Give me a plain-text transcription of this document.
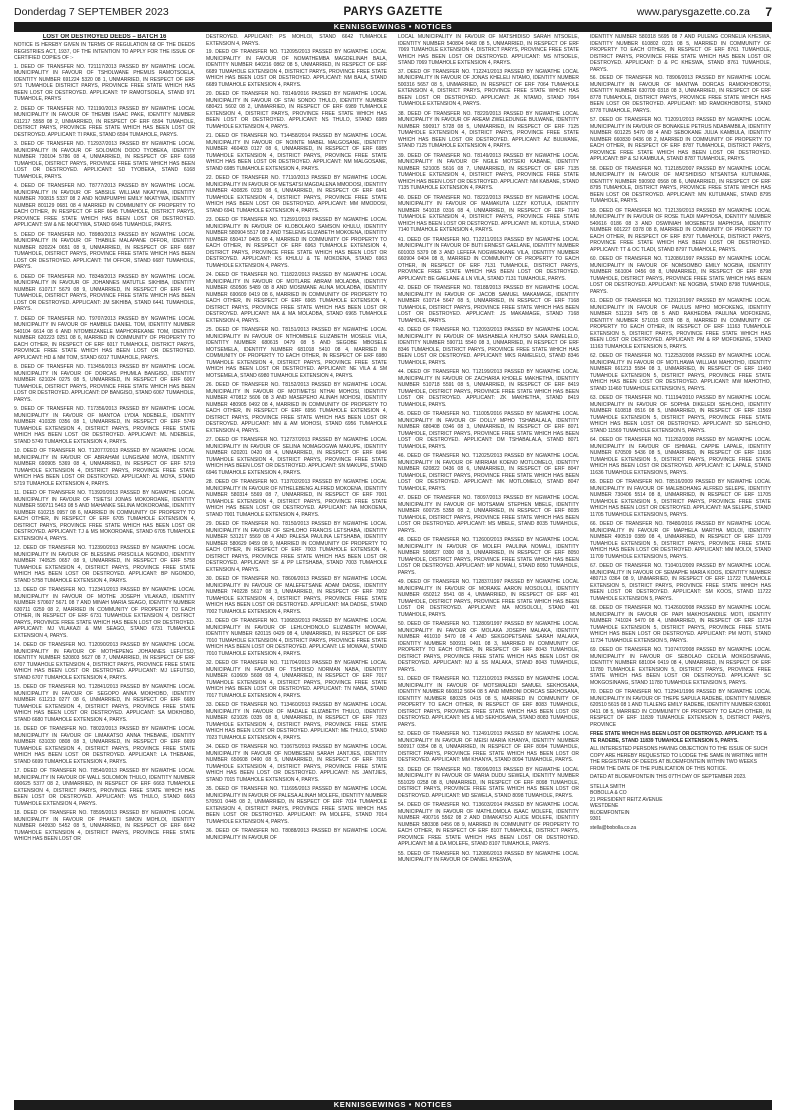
Donderdag 7 SEPTEMBER 2023	PARYS GAZETTE	www.parysgazette.co.za 7
KENNISGEWINGS • NOTICES
LOST OR DESTROYED DEEDS – BATCH 16
NOTICE IS HEREBY GIVEN IN TERMS OF REGULATION 68 OF THE DEEDS REGISTRIES ACT, 1937, OF THE INTENTION TO APPLY FOR THE ISSUE OF CERTIFIED COPIES OF :-
1. DEED OF TRANSFER NO. T21117/2013 PASSED BY NGWATHE LOCAL MUNICIPALITY IN FAVOUR OF TSHOLWANE PHEMUS RAMOTSOELA, IDENTITY NUMBER 691224 5320 08 1, UNMARRIED, IN RESPECT OF ERF 971 TUMAHOLE DISTRICT PARYS, PROVINCE FREE STATE WHICH HAS BEEN LOST OR DESTROYED. APPLICANT: TP RAMOTSOELA, STAND 971 TUMAHOLE, PARYS
2. DEED OF TRANSFER NO. T21190/2013 PASSED BY NGWATHE LOCAL MUNICIPALITY IN FAVOUR OF THEMBI ISAAC PAKE, IDENTITY NUMBER 611217 5558 08 2, UNMARRIED, IN RESPECT OF ERF 6594 TUMAHOLE, DISTRICT PARYS, PROVINCE FREE STATE WHICH HAS BEEN LOST OR DESTROYED. APPLICANT: TI PAKE, STAND 6594 TUMAHOLE, PARYS.
3. DEED OF TRANSFER NO. T12937/2013 PASSED BY NGWATHE LOCAL MUNICIPALITY IN FAVOUR OF SOLOMON DODO TYOBEKA, IDENTITY NUMBER 730104 5786 08 4, UNMARRIED, IN RESPECT OF ERF 6168 TUMAHOLE, DISTRICT PARYS, PROVINCE FREE STATE WHICH HAS BEEN LOST OR DESTROYED. APPLICANT: SD TYOBEKA, STAND 6168 TUMAHOLE, PARYS.
4. DEED OF TRANSFER NO. T8777/2013 PASSED BY NGWATHE LOCAL MUNICIPALITY IN FAVOUR OF SABSILE WILLIAM NKATYWA, IDENTITY NUMBER 700815 5337 08 2 AND NOMPUMPHI EMILY NKATYWA, IDENTITY NUMBER 801129 0681 08 4 MARRIED IN COMMUNITY OF PROPERTY TO EACH OTHER, IN RESPECT OF ERF 6645 TUMAHOLE, DISTRICT PARYS, PROVINCE FREE STATE WHICH HAS BEEN LOST OR DESTROYED. APPLICANT: SW & NE NKATYWA, STAND 6645 TUMAHOLE, PARYS.
5. DEED OF TRANSFER NO. T8980/2013 PASSED BY NGWATHE LOCAL MUNICIPALITY IN FAVOUR OF THABILE MALAPANE OFFOR, IDENTITY NUMBER 820224 0651 08 9, UNMARRIED, IN RESPECT OF ERF 6687 TUMAHOLE, DISTRICT PARYS, PROVINCE FREE STATE WHICH HAS BEEN LOST OR DESTROYED. APPLICANT: TM OFFOR, STAND 6687 TUMAHOLE, PARYS.
6. DEED OF TRANSFER NO. T8348/2013 PASSED BY NGWATHE LOCAL MUNICIPALITY IN FAVOUR OF JOHANNES MATUTLE SIKHIBA, IDENTITY NUMBER 610717 5679 08 9, UNMARRIED, IN RESPECT OF ERF 6441 TUMAHOLE, DISTRICT PARYS, PROVINCE FREE STATE WHICH HAS BEEN LOST OR DESTROYED. APPLICANT: JM SIKHIBA, STAND 6441 TUMAHOLE, PARYS.
7. DEED OF TRANSFER NO. T9707/2013 PASSED BY NGWATHE LOCAL MUNICIPALITY IN FAVOUR OF HAMBILE DANIEL TOM, IDENTITY NUMBER 540104 6614 08 6 AND NTOMBIZANELE MAPHOREKANE TOM, IDENTITY NUMBER 620223 0251 08 6, MARRIED IN COMMUNITY OF PROPERTY TO EACH OTHER, IN RESPECT OF ERF 6017 TUMAHOLE, DISTRICT PARYS, PROVINCE FREE STATE WHICH HAS BEEN LOST OR DESTROYED. APPLICANT: HD & NM TOM, STAND 6017 TUMAHOLE, PARYS.
8. DEED OF TRANSFER NO. T13456/2013 PASSED BY NGWATHE LOCAL MUNICIPALITY IN FAVOUR OF DORCAS PHUMLA BANGISO, IDENTITY NUMBER 621024 0275 08 5, UNMARRIED, IN RESPECT OF ERF 6067 TUMAHOLE, DISTRICT PARYS, PROVINCE FREE STATE WHICH HAS BEEN LOST OR DESTROYED. APPLICANT: DP BANGISO, STAND 6067 TUMAHOLE, PARYS.
9. DEED OF TRANSFER NO. T17356/2013 PASSED BY NGWATHE LOCAL MUNICIPALITY IN FAVOUR OF MANTOA LYDIA NDEBELE, IDENTITY NUMBER 410328 0356 08 1, UNMARRIED, IN RESPECT OF ERF 5749 TUMAHOLE EXTENSION 4, DISTRICT PARYS, PROVINCE FREE STATE WHICH HAS BEEN LOST OR DESTROYED. APPLICANT: ML NDEBELE, STAND 5749 TUMAHOLE EXTENSION 4, PARYS.
10. DEED OF TRANSFER NO. T12077/2013 PASSED BY NGWATHE LOCAL MUNICIPALITY IN FAVOUR OF ABRAHAM LUNGISANI MOYA, IDENTITY NUMBER 690905 5369 08 4, UNMARRIED, IN RESPECT OF ERF 5719 TUMAHOLE EXTENSION 4, DISTRICT PARYS, PROVINCE FREE STATE WHICH HAS BEEN LOST OR DESTROYED. APPLICANT: AL MOYA, STAND 5719 TUMAHOLE EXTENSION 4, PARYS.
11. DEED OF TRANSFER NO. T13920/2013 PASSED BY NGWATHE LOCAL MUNICIPALITY IN FAVOUR OF TSIETSI JONAS MOKOROANE, IDENTITY NUMBER 590711 5463 08 5 AND MAHANKE SELINA MOKOROANE, IDENTITY NUMBER 610215 0957 08 6, MARRIED IN COMMUNITY OF PROPERTY TO EACH OTHER, IN RESPECT OF ERF 6705 TUMAHOLE EXTENSION 4, DISTRICT PARYS, PROVINCE FREE STATE WHICH HAS BEEN LOST OR DESTROYED. APPLICANT: TJ & MS MOKOROANE, STAND 6705 TUMAHOLE EXTENSION 4, PARYS.
12. DEED OF TRANSFER NO. T12390/2013 PASSED BY NGWATHE LOCAL MUNICIPALITY IN FAVOUR OF BLESSING PRISCILLA NGONDO, IDENTITY NUMBER 740525 0657 08 9, UNMARRIED, IN RESPECT OF ERF 5758 TUMAHOLE EXTENSION 4, DISTRICT PARYS, PROVINCE FREE STATE WHICH HAS BEEN LOST OR DESTROYED. APPLICANT: BP NGONDO, STAND 5758 TUMAHOLE EXTENSION 4, PARYS.
13. DEED OF TRANSFER NO. T12341/2013 PASSED BY NGWATHE LOCAL MUNICIPALITY IN FAVOUR OF MOTHE JOSEPH VILAKAZI, IDENTITY NUMBER 570607 5671 08 7 AND MINAH MARIA SEAGO, IDENTITY NUMBER 630711 0259 08 2, MARRIED IN COMMUNITY OF PROPERTY TO EACH OTHER, IN RESPECT OF ERF 6731 TUMAHOLE EXTENSION 4, DISTRICT PARYS, PROVINCE FREE STATE WHICH HAS BEEN LOST OR DESTROYED. APPLICANT: MJ VILAKAZI & MM SEAGO, STAND 6731 TUMAHOLE EXTENSION 4, PARYS.
14. DEED OF TRANSFER NO. T12090/2013 PASSED BY NGWATHE LOCAL MUNICIPALITY IN FAVOUR OF MOTHEPENG JOHANNES LEFUTSO, IDENTITY NUMBER 520803 5627 08 7, UNMARRIED, IN RESPECT OF ERF 6707 TUMAHOLE EXTENSION 4, DISTRICT PARYS, PROVINCE FREE STATE WHICH HAS BEEN LOST OR DESTROYED. APPLICANT: MJ LEFUTSO, STAND 6707 TUMAHOLE EXTENSION 4, PARYS.
15. DEED OF TRANSFER NO. T12841/2013 PASSED BY NGWATHE LOCAL MUNICIPALITY IN FAVOUR OF SEGOPO ANNA MOKHOBO, IDENTITY NUMBER 611213 0277 08 6, UNMARRIED, IN RESPECT OF ERF 6680 TUMAHOLE EXTENSION 4, DISTRICT PARYS, PROVINCE FREE STATE WHICH HAS BEEN LOST OR DESTROYED. APPLICANT: SA MOKHOBO, STAND 6680 TUMAHOLE EXTENSION 4, PARYS.
16. DEED OF TRANSFER NO. T8022/2013 PASSED BY NGWATHE LOCAL MUNICIPALITY IN FAVOUR OF LIMAKATSO ANNA THEBANE, IDENTITY NUMBER 631030 0808 08 3, UNMARRIED, IN RESPECT OF ERF 6699 TUMAHOLE EXTENSION 4, DISTRICT PARYS, PROVINCE FREE STATE WHICH HAS BEEN LOST OR DESTROYED. APPLICANT: LA THEBANE, STAND 6699 TUMAHOLE EXTENSION 4, PARYS.
17. DEED OF TRANSFER NO. T8540/2013 PASSED BY NGWATHE LOCAL MUNICIPALITY IN FAVOUR OF WALL SOLOMON THULO, IDENTITY NUMBER 690625 5377 08 2, UNMARRIED, IN RESPECT OF ERF 6663 TUMAHOLE EXTENSION 4, DISTRICT PARYS, PROVINCE FREE STATE WHICH HAS BEEN LOST OR DESTROYED. APPLICANT: WS THULO, STAND 6663 TUMAHOLE EXTENSION 4, PARYS.
18. DEED OF TRANSFER NO. T8595/2013 PASSED BY NGWATHE LOCAL MUNICIPALITY IN FAVOUR OF PHAKETI SIMON MOHLOI, IDENTITY NUMBER 640930 5452 08 5, UNMARRIED, IN RESPECT OF ERF 6642 TUMAHOLE EXTENSION 4, DISTRICT PARYS, PROVINCE FREE STATE WHICH HAS BEEN LOST OR
DESTROYED. APPLICANT: PS MOHLOI, STAND 6642 TUMAHOLE EXTENSION 4, PARYS.
19. DEED OF TRANSFER NO. T12095/2013 PASSED BY NGWATHE LOCAL MUNICIPALITY IN FAVOUR OF NOMATHEMBA MAGDELINAH BALA, IDENTITY NUMBER 640216 0862 08 5, UNMARRIED, IN RESPECT OF ERF 6689 TUMAHOLE EXTENSION 4, DISTRICT PARYS, PROVINCE FREE STATE WHICH HAS BEEN LOST OR DESTROYED. APPLICANT: NM BALA, STAND 6689 TUMAHOLE EXTENSION 4, PARYS.
20. DEED OF TRANSFER NO. T8149/2016 PASSED BY NGWATHE LOCAL MUNICIPALITY IN FAVOUR OF STAI SONDO THULO, IDENTITY NUMBER 680421 5602 08 2, UNMARRIED, IN RESPECT OF ERF 6989 TUMAHOLE EXTENSION 4, DISTRICT PARYS, PROVINCE FREE STATE WHICH HAS BEEN LOST OR DESTROYED. APPLICANT: NS THULO, STAND 6989 TUMAHOLE EXTENSION 4, PARYS.
21. DEED OF TRANSFER NO. T14458/2014 PASSED BY NGWATHE LOCAL MUNICIPALITY IN FAVOUR OF NOINTE MABEL MALGOSANE, IDENTITY NUMBER 460403 0127 08 6, UNMARRIED, IN RESPECT OF ERF 6985 TUMAHOLE EXTENSION 4, DISTRICT PARYS, PROVINCE FREE STATE WHICH HAS BEEN LOST OR DESTROYED. APPLICANT: NM MALGOSANE, STAND 6985 TUMAHOLE EXTENSION 4, PARYS.
22. DEED OF TRANSFER NO. T7110/2013 PASSED BY NGWATHE LOCAL MUNICIPALITY IN FAVOUR OF METSATSI MAGDALENA MMODOSI, IDENTITY NUMBER 430826 0233 08 6, UNMARRIED, IN RESPECT OF ERF 6941 TUMAHOLE EXTENSION 4, DISTRICT PARYS, PROVINCE FREE STATE WHICH HAS BEEN LOST OR DESTROYED. APPLICANT: MM MMODOSI, STAND 6941 TUMAHOLE EXTENSION 4, PARYS.
23. DEED OF TRANSFER NO. T12591/2013 PASSED BY NGWATHE LOCAL MUNICIPALITY IN FAVOUR OF KLOBOLAKO SAMSON KHULU, IDENTITY NUMBER 580904 5517 08 2 AND TSELENG ELIZABETH MOKOENA, IDENTITY NUMBER 650417 0405 08 4, MARRIED IN COMMUNITY OF PROPERTY TO EACH OTHER, IN RESPECT OF ERF 6963 TUMAHOLE EXTENSION 4, DISTRICT PARYS, PROVINCE FREE STATE WHICH HAS BEEN LOST OR DESTROYED. APPLICANT: KS KHULU & TE MOKOENA, STAND 6963 TUMAHOLE EXTENSION 4, PARYS.
24. DEED OF TRANSFER NO. T11822/2013 PASSED BY NGWATHE LOCAL MUNICIPALITY IN FAVOUR OF MOTLARE ABRAM MOLADBA, IDENTITY NUMBER 650506 5489 08 8 AND MOSIMANE ALINA MOLADBA, IDENTITY NUMBER 690609 0419 08 6, MARRIED IN COMMUNITY OF PROPERTY TO EACH OTHER, IN RESPECT OF ERF 6965 TUMAHOLE EXTENSION 4, DISTRICT PARYS, PROVINCE FREE STATE WHICH HAS BEEN LOST OR DESTROYED. APPLICANT: MA & MA MOLADBA, STAND 6965 TUMAHOLE EXTENSION 4, PARYS.
25. DEED OF TRANSFER NO. T8151/2013 PASSED BY NGWATHE LOCAL MUNICIPALITY IN FAVOUR OF NTHOMBELE ELIZABETH MOSELE VILA, IDENTITY NUMBER 680615 0479 08 5 AND SEGOBE MBOSELE MOTSEMELA, IDENTITY NUMBER 681018 5410 08 4, MARRIED IN COMMUNITY OF PROPERTY TO EACH OTHER, IN RESPECT OF ERF 6980 TUMAHOLE EXTENSION 4, DISTRICT PARYS, PROVINCE FREE STATE WHICH HAS BEEN LOST OR DESTROYED. APPLICANT: NE VILA & SM MOTSEMELA, STAND 6980 TUMAHOLE EXTENSION 4, PARYS.
26. DEED OF TRANSFER NO. T8152/2013 PASSED BY NGWATHE LOCAL MUNICIPALITY IN FAVOUR OF MOTIMETSI NTHAI MOHOSI, IDENTITY NUMBER 470812 5606 08 3 AND MASEPEHO ALINAH MOHOSI, IDENTITY NUMBER 480905 0492 08 4, MARRIED IN COMMUNITY OF PROPERTY TO EACH OTHER, IN RESPECT OF ERF 6956 TUMAHOLE EXTENSION 4, DISTRICT PARYS, PROVINCE FREE STATE WHICH HAS BEEN LOST OR DESTROYED. APPLICANT: MN & AM MOHOSI, STAND 6956 TUMAHOLE EXTENSION 4, PARYS.
27. DEED OF TRANSFER NO. T12737/2013 PASSED BY NGWATHE LOCAL MUNICIPALITY IN FAVOUR OF SELINA NOMAGOGWA MAKUPE, IDENTITY NUMBER 620201 0420 08 4, UNMARRIED, IN RESPECT OF ERF 6946 TUMAHOLE EXTENSION 4, DISTRICT PARYS, PROVINCE FREE STATE WHICH HAS BEEN LOST OR DESTROYED. APPLICANT: SN MAKUPE, STAND 6946 TUMAHOLE EXTENSION 4, PARYS.
28. DEED OF TRANSFER NO. T13702/2013 PASSED BY NGWATHE LOCAL MUNICIPALITY IN FAVOUR OF NTHELEBENG ALFRED MOKOENA, IDENTITY NUMBER 580314 5569 08 7, UNMARRIED, IN RESPECT OF ERF 7001 TUMAHOLE EXTENSION 4, DISTRICT PARYS, PROVINCE FREE STATE WHICH HAS BEEN LOST OR DESTROYED. APPLICANT: NA MOKOENA, STAND 7001 TUMAHOLE EXTENSION 4, PARYS.
29. DEED OF TRANSFER NO. T8150/2013 PASSED BY NGWATHE LOCAL MUNICIPALITY IN FAVOUR OF SEHLOHO FRANCIS LETSHABA, IDENTITY NUMBER 531217 5569 08 4 AND PALESA PAULINA LETSHABA, IDENTITY NUMBER 580629 0459 08 9, MARRIED IN COMMUNITY OF PROPERTY TO EACH OTHER, IN RESPECT OF ERF 7003 TUMAHOLE EXTENSION 4, DISTRICT PARYS, PROVINCE FREE STATE WHICH HAS BEEN LOST OR DESTROYED. APPLICANT: SF & PP LETSHABA, STAND 7003 TUMAHOLE EXTENSION 4, PARYS.
30. DEED OF TRANSFER NO. T8606/2013 PASSED BY NGWATHE LOCAL MUNICIPALITY IN FAVOUR OF MALEFETSANE ADAM DADSE, IDENTITY NUMBER 740228 5617 08 3, UNMARRIED, IN RESPECT OF ERF 7002 TUMAHOLE EXTENSION 4, DISTRICT PARYS, PROVINCE FREE STATE WHICH HAS BEEN LOST OR DESTROYED. APPLICANT: MA DADSE, STAND 7002 TUMAHOLE EXTENSION 4, PARYS.
31. DEED OF TRANSFER NO. T10683/2013 PASSED BY NGWATHE LOCAL MUNICIPALITY IN FAVOUR OF LEHLOHONOLO ELIZABETH MOWAAI, IDENTITY NUMBER 620115 0429 08 4, UNMARRIED, IN RESPECT OF ERF 7010 TUMAHOLE EXTENSION 4, DISTRICT PARYS, PROVINCE FREE STATE WHICH HAS BEEN LOST OR DESTROYED. APPLICANT: LE MOWAAI, STAND 7010 TUMAHOLE EXTENSION 4, PARYS.
32. DEED OF TRANSFER NO. T11704/2013 PASSED BY NGWATHE LOCAL MUNICIPALITY IN FAVOUR OF TSHIDISO NORMAN NABA, IDENTITY NUMBER 610609 5608 08 4, UNMARRIED, IN RESPECT OF ERF 7017 TUMAHOLE EXTENSION 4, DISTRICT PARYS, PROVINCE FREE STATE WHICH HAS BEEN LOST OR DESTROYED. APPLICANT: TN NABA, STAND 7017 TUMAHOLE EXTENSION 4, PARYS.
33. DEED OF TRANSFER NO. T13460/2013 PASSED BY NGWATHE LOCAL MUNICIPALITY IN FAVOUR OF MADALE ELIZABETH THULO, IDENTITY NUMBER 621026 0335 08 8, UNMARRIED, IN RESPECT OF ERF 7023 TUMAHOLE EXTENSION 4, DISTRICT PARYS, PROVINCE FREE STATE WHICH HAS BEEN LOST OR DESTROYED. APPLICANT: ME THULO, STAND 7023 TUMAHOLE EXTENSION 4, PARYS.
34. DEED OF TRANSFER NO. T10675/2013 PASSED BY NGWATHE LOCAL MUNICIPALITY IN FAVOUR OF NOMBESENI SARAH JANTJIES, IDENTITY NUMBER 650608 0490 08 5, UNMARRIED, IN RESPECT OF ERF 7015 TUMAHOLE EXTENSION 4, DISTRICT PARYS, PROVINCE FREE STATE WHICH HAS BEEN LOST OR DESTROYED. APPLICANT: NS JANTJIES, STAND 7015 TUMAHOLE EXTENSION 4, PARYS.
35. DEED OF TRANSFER NO. T11695/2013 PASSED BY NGWATHE LOCAL MUNICIPALITY IN FAVOUR OF PALESA ALINAH MOLEFE, IDENTITY NUMBER 570501 0445 08 2, UNMARRIED, IN RESPECT OF ERF 7014 TUMAHOLE EXTENSION 4, DISTRICT PARYS, PROVINCE FREE STATE WHICH HAS BEEN LOST OR DESTROYED. APPLICANT: PA MOLEFE, STAND 7014 TUMAHOLE EXTENSION 4, PARYS.
36. DEED OF TRANSFER NO. T8088/2013 PASSED BY NGWATHE LOCAL MUNICIPALITY IN FAVOUR OF
LOCAL MUNICIPALITY IN FAVOUR OF MATSHIDISO SARAH NTSOELE, IDENTITY NUMBER 540804 0468 08 5, UNMARRIED, IN RESPECT OF ERF 7069 TUMAHOLE EXTENSION 4, DISTRICT PARYS, PROVINCE FREE STATE WHICH HAS BEEN LOST OR DESTROYED. APPLICANT: MS NTSOELE, STAND 7069 TUMAHOLE EXTENSION 4, PARYS.
37. DEED OF TRANSFER NO. T12241/2013 PASSED BY NGWATHE LOCAL MUNICIPALITY IN FAVOUR OF JONAS KHELELI NTAMO, IDENTITY NUMBER 500316 5657 08 5, UNMARRIED, IN RESPECT OF ERF 7064 TUMAHOLE EXTENSION 4, DISTRICT PARYS, PROVINCE FREE STATE WHICH HAS BEEN LOST OR DESTROYED. APPLICANT: JK NTAMO, STAND 7064 TUMAHOLE EXTENSION 4, PARYS.
38. DEED OF TRANSFER NO. T8220/2013 PASSED BY NGWATHE LOCAL MUNICIPALITY IN FAVOUR OF AREAM ZWELEDUNGE BULWANE, IDENTITY NUMBER 590917 5728 08 5, UNMARRIED, IN RESPECT OF ERF 7125 TUMAHOLE EXTENSION 4, DISTRICT PARYS, PROVINCE FREE STATE WHICH HAS BEEN LOST OR DESTROYED. APPLICANT: AZ BULWANE, STAND 7125 TUMAHOLE EXTENSION 4, PARYS.
39. DEED OF TRANSFER NO. T8149/2013 PASSED BY NGWATHE LOCAL MUNICIPALITY IN FAVOUR OF NGILE MOTSEKI KABANE, IDENTITY NUMBER 521005 5616 08 7, UNMARRIED, IN RESPECT OF ERF 7135 TUMAHOLE EXTENSION 4, DISTRICT PARYS, PROVINCE FREE STATE WHICH HAS BEEN LOST OR DESTROYED. APPLICANT: NM KABANE, STAND 7135 TUMAHOLE EXTENSION 4, PARYS.
40. DEED OF TRANSFER NO. T8222/2013 PASSED BY NGWATHE LOCAL MUNICIPALITY IN FAVOUR OF MAMAKUTA LIZZY KOTULA, IDENTITY NUMBER 541018 0316 08 4, UNMARRIED, IN RESPECT OF ERF 7140 TUMAHOLE EXTENSION 4, DISTRICT PARYS, PROVINCE FREE STATE WHICH HAS BEEN LOST OR DESTROYED. APPLICANT: ML KOTULA, STAND 7140 TUMAHOLE EXTENSION 4, PARYS.
41. DEED OF TRANSFER NO. T12211/2013 PASSED BY NGWATHE LOCAL MUNICIPALITY IN FAVOUR OF BUTI ERNEST GAELANE, IDENTITY NUMBER 601003 5379 08 3 AND LEFEFA NOGWENKANE VILA, IDENTITY NUMBER 660904 0404 08 8, MARRIED IN COMMUNITY OF PROPERTY TO EACH OTHER, IN RESPECT OF ERF 7131 TUMAHOLE, DISTRICT PARYS, PROVINCE FREE STATE WHICH HAS BEEN LOST OR DESTROYED. APPLICANT: BE GAELANE & LN VILA, STAND 7131 TUMAHOLE, PARYS.
42. DEED OF TRANSFER NO. T8188/2013 PASSED BY NGWATHE LOCAL MUNICIPALITY IN FAVOUR OF JACOB SAMUEL MAKAMAGE, IDENTITY NUMBER 610714 5647 08 5, UNMARRIED, IN RESPECT OF ERF 7168 TUMAHOLE, DISTRICT PARYS, PROVINCE FREE STATE WHICH HAS BEEN LOST OR DESTROYED. APPLICANT: JS MAKAMAGE, STAND 7168 TUMAHOLE, PARYS.
43. DEED OF TRANSFER NO. T12093/2013 PASSED BY NGWATHE LOCAL MUNICIPALITY IN FAVOUR OF MASHABELA KHUTSO SANA RAMELELO, IDENTITY NUMBER 590711 5540 08 3, UNMARRIED, IN RESPECT OF ERF 8346 TUMAHOLE, DISTRICT PARYS, PROVINCE FREE STATE WHICH HAS BEEN LOST OR DESTROYED. APPLICANT: MKS RAMELELO, STAND 8346 TUMAHOLE, PARYS.
44. DEED OF TRANSFER NO. T12199/2013 PASSED BY NGWATHE LOCAL MUNICIPALITY IN FAVOUR OF ZACHARIA KHOELE MAKHETHA, IDENTITY NUMBER 510718 5591 08 5, UNMARRIED, IN RESPECT OF ERF 8419 TUMAHOLE, DISTRICT PARYS, PROVINCE FREE STATE WHICH HAS BEEN LOST OR DESTROYED. APPLICANT: ZK MAKHETHA, STAND 8419 TUMAHOLE, PARYS.
45. DEED OF TRANSFER NO. T11005/2016 PASSED BY NGWATHE LOCAL MUNICIPALITY IN FAVOUR OF DOLLY MPHO TSHABALALA, IDENTITY NUMBER 680408 0346 08 3, UNMARRIED, IN RESPECT OF ERF 8071 TUMAHOLE, DISTRICT PARYS, PROVINCE FREE STATE WHICH HAS BEEN LOST OR DESTROYED. APPLICANT: DM TSHABALALA, STAND 8071 TUMAHOLE, PARYS.
46. DEED OF TRANSFER NO. T12025/2013 PASSED BY NGWATHE LOCAL MUNICIPALITY IN FAVOUR OF MIRRIAM KOENO MOTLOMELO, IDENTITY NUMBER 620822 0436 08 6, UNMARRIED, IN RESPECT OF ERF 8047 TUMAHOLE, DISTRICT PARYS, PROVINCE FREE STATE WHICH HAS BEEN LOST OR DESTROYED. APPLICANT: MK MOTLOMELO, STAND 8047 TUMAHOLE, PARYS.
47. DEED OF TRANSFER NO. T8097/2013 PASSED BY NGWATHE LOCAL MUNICIPALITY IN FAVOUR OF MOTSAMAI STEPHEN MBELE, IDENTITY NUMBER 600725 5358 08 2, UNMARRIED, IN RESPECT OF ERF 8035 TUMAHOLE, DISTRICT PARYS, PROVINCE FREE STATE WHICH HAS BEEN LOST OR DESTROYED. APPLICANT: MS MBELE, STAND 8035 TUMAHOLE, PARYS.
48. DEED OF TRANSFER NO. T12600/2013 PASSED BY NGWATHE LOCAL MUNICIPALITY IN FAVOUR OF MOLEFI PAULINA NOMALI, IDENTITY NUMBER 590827 0300 08 3, UNMARRIED, IN RESPECT OF ERF 8050 TUMAHOLE, DISTRICT PARYS, PROVINCE FREE STATE WHICH HAS BEEN LOST OR DESTROYED. APPLICANT: MP NOMALI, STAND 8050 TUMAHOLE, PARYS.
49. DEED OF TRANSFER NO. T12837/1997 PASSED BY NGWATHE LOCAL MUNICIPALITY IN FAVOUR OF MORAKE AARON MOSOLOLI, IDENTITY NUMBER 650212 5541 08 4, UNMARRIED, IN RESPECT OF ERF 401 TUMAHOLE, DISTRICT PARYS, PROVINCE FREE STATE WHICH HAS BEEN LOST OR DESTROYED. APPLICANT: MA MOSOLOLI, STAND 401 TUMAHOLE, PARYS.
50. DEED OF TRANSFER NO. T12809/1997 PASSED BY NGWATHE LOCAL MUNICIPALITY IN FAVOUR OF MOLAKA JOSEPH MALAKA, IDENTITY NUMBER 461010 5470 08 4 AND SEKGOPETSANE SARAH MALAKA, IDENTITY NUMBER 500911 0401 08 3, MARRIED IN COMMUNITY OF PROPERTY TO EACH OTHER, IN RESPECT OF ERF 8043 TUMAHOLE, DISTRICT PARYS, PROVINCE FREE STATE WHICH HAS BEEN LOST OR DESTROYED. APPLICANT: MJ & SS MALAKA, STAND 8043 TUMAHOLE, PARYS.
51. DEED OF TRANSFER NO. T12210/2013 PASSED BY NGWATHE LOCAL MUNICIPALITY IN FAVOUR OF MOTSWALEDI SAMUEL SEKHOSANA, IDENTITY NUMBER 660812 5604 08 5 AND MMBONI DORCAS SEKHOSANA, IDENTITY NUMBER 680325 0415 08 5, MARRIED IN COMMUNITY OF PROPERTY TO EACH OTHER, IN RESPECT OF ERF 8083 TUMAHOLE, DISTRICT PARYS, PROVINCE FREE STATE WHICH HAS BEEN LOST OR DESTROYED. APPLICANT: MS & MD SEKHOSANA, STAND 8083 TUMAHOLE, PARYS.
52. DEED OF TRANSFER NO. T12491/2013 PASSED BY NGWATHE LOCAL MUNICIPALITY IN FAVOUR OF MEISI MARIA KHANYA, IDENTITY NUMBER 500917 0354 08 8, UNMARRIED, IN RESPECT OF ERF 8094 TUMAHOLE, DISTRICT PARYS, PROVINCE FREE STATE WHICH HAS BEEN LOST OR DESTROYED. APPLICANT: MM KHANYA, STAND 8094 TUMAHOLE, PARYS.
53. DEED OF TRANSFER NO. T8096/2013 PASSED BY NGWATHE LOCAL MUNICIPALITY IN FAVOUR OF MARIA DUDU SEWELA, IDENTITY NUMBER 551029 0258 08 8, UNMARRIED, IN RESPECT OF ERF 8098 TUMAHOLE, DISTRICT PARYS, PROVINCE FREE STATE WHICH HAS BEEN LOST OR DESTROYED. APPLICANT: MD SEWELA, STAND 8098 TUMAHOLE, PARYS.
54. DEED OF TRANSFER NO. T13603/2014 PASSED BY NGWATHE LOCAL MUNICIPALITY IN FAVOUR OF MATHLOMOLA ISAAC MOLEFE, IDENTITY NUMBER 490716 5562 08 2 AND DIMAKATSO ALICE MOLEFE, IDENTITY NUMBER 580308 0456 08 9, MARRIED IN COMMUNITY OF PROPERTY TO EACH OTHER, IN RESPECT OF ERF 8107 TUMAHOLE, DISTRICT PARYS, PROVINCE FREE STATE WHICH HAS BEEN LOST OR DESTROYED. APPLICANT: MI & DA MOLEFE, STAND 8107 TUMAHOLE, PARYS.
55. DEED OF TRANSFER NO. T12086/2013 PASSED BY NGWATHE LOCAL MUNICIPALITY IN FAVOUR OF DANIEL KHESWA,
IDENTITY NUMBER 580318 5695 08 7 AND PULENG CORNELIA KHESWA, IDENTITY NUMBER 610802 0221 08 5, MARRIED IN COMMUNITY OF PROPERTY TO EACH OTHER, IN RESPECT OF ERF 8761 TUMAHOLE, DISTRICT PARYS, PROVINCE FREE STATE WHICH HAS BEEN LOST OR DESTROYED. APPLICANT: D & PC KHESWA, STAND 8761 TUMAHOLE, PARYS.
56. DEED OF TRANSFER NO. T8906/2013 PASSED BY NGWATHE LOCAL MUNICIPALITY IN FAVOUR OF MANTWA DORCAS RAMOKHOBOTSI, IDENTITY NUMBER 630709 0318 08 3, UNMARRIED, IN RESPECT OF ERF 8778 TUMAHOLE, DISTRICT PARYS, PROVINCE FREE STATE WHICH HAS BEEN LOST OR DESTROYED. APPLICANT: MD RAMOKHOBOTSI, STAND 8778 TUMAHOLE, PARYS.
57. DEED OF TRANSFER NO. T12091/2013 PASSED BY NGWATHE LOCAL MUNICIPALITY IN FAVOUR OF BONAKELE PETRUS NDABAMBILA, IDENTITY NUMBER 601225 5470 08 4 AND SEBOKANE JULIA KAMBULA, IDENTITY NUMBER 660830 0436 08 2, MARRIED IN COMMUNITY OF PROPERTY TO EACH OTHER, IN RESPECT OF ERF 8787 TUMAHOLE, DISTRICT PARYS, PROVINCE FREE STATE WHICH HAS BEEN LOST OR DESTROYED. APPLICANT: BP & SJ KAMBULA, STAND 8787 TUMAHOLE, PARYS.
58. DEED OF TRANSFER NO. T12185/2007 PASSED BY NGWATHE LOCAL MUNICIPALITY IN FAVOUR OF MATSHIDISO NTSANTSA KUTUMANE, IDENTITY NUMBER 590902 0568 08 6, UNMARRIED, IN RESPECT OF ERF 8795 TUMAHOLE, DISTRICT PARYS, PROVINCE FREE STATE WHICH HAS BEEN LOST OR DESTROYED. APPLICANT: MN KUTUMANE, STAND 8795 TUMAHOLE, PARYS.
59. DEED OF TRANSFER NO. T12139/2013 PASSED BY NGWATHE LOCAL MUNICIPALITY IN FAVOUR OF ROSE TLADI MAPHOSA, IDENTITY NUMBER 540616 0186 08 3 AND OSWINIAH MOSEBETSI MAPHOSA, IDENTITY NUMBER 601227 0378 08 8, MARRIED IN COMMUNITY OF PROPERTY TO EACH OTHER, IN RESPECT OF ERF 8797 TUMAHOLE, DISTRICT PARYS, PROVINCE FREE STATE WHICH HAS BEEN LOST OR DESTROYED. APPLICANT: TT & OC TLADI, STAND 8797 TUMAHOLE, PARYS.
60. DEED OF TRANSFER NO. T12086/1997 PASSED BY NGWATHE LOCAL MUNICIPALITY IN FAVOUR OF NOMSOMBO EMILY NOGBIA, IDENTITY NUMBER 561004 0456 08 8, UNMARRIED, IN RESPECT OF ERF 8798 TUMAHOLE, DISTRICT PARYS, PROVINCE FREE STATE WHICH HAS BEEN LOST OR DESTROYED. APPLICANT: NE NOGBIA, STAND 8798 TUMAHOLE, PARYS.
61. DEED OF TRANSFER NO. T12912/1997 PASSED BY NGWATHE LOCAL MUNICIPALITY IN FAVOUR OF PAULUS MPHO MOFOKENG, IDENTITY NUMBER 511219 5475 08 5 AND RAKHEOBA PAULINA MOFOKENG, IDENTITY NUMBER 571015 0378 08 8, MARRIED IN COMMUNITY OF PROPERTY TO EACH OTHER, IN RESPECT OF ERF 11163 TUMAHOLE EXTENSION 5, DISTRICT PARYS, PROVINCE FREE STATE WHICH HAS BEEN LOST OR DESTROYED. APPLICANT: PM & RP MOFOKENG, STAND 11163 TUMAHOLE EXTENSION 5, PARYS.
62. DEED OF TRANSFER NO. T12253/2008 PASSED BY NGWATHE LOCAL MUNICIPALITY IN FAVOUR OF MOTLHAWA WILLIAM MAHOTHO, IDENTITY NUMBER 661213 5584 08 3, UNMARRIED, IN RESPECT OF ERF 11460 TUMAHOLE EXTENSION 5, DISTRICT PARYS, PROVINCE FREE STATE WHICH HAS BEEN LOST OR DESTROYED. APPLICANT: MW MAHOTHO, STAND 11460 TUMAHOLE EXTENSION 5, PARYS.
63. DEED OF TRANSFER NO. T11194/2010 PASSED BY NGWATHE LOCAL MUNICIPALITY IN FAVOUR OF SOPHIA DIKELEDI SEHLOHO, IDENTITY NUMBER 610818 0516 08 5, UNMARRIED, IN RESPECT OF ERF 11569 TUMAHOLE EXTENSION 5, DISTRICT PARYS, PROVINCE FREE STATE WHICH HAS BEEN LOST OR DESTROYED. APPLICANT: SD SEHLOHO, STAND 11569 TUMAHOLE EXTENSION 5, PARYS.
64. DEED OF TRANSFER NO. T11262/2008 PASSED BY NGWATHE LOCAL MUNICIPALITY IN FAVOUR OF ISHMAEL CAPPIE LAPALE, IDENTITY NUMBER 670509 5436 08 5, UNMARRIED, IN RESPECT OF ERF 11636 TUMAHOLE EXTENSION 5, DISTRICT PARYS, PROVINCE FREE STATE WHICH HAS BEEN LOST OR DESTROYED. APPLICANT: IC LAPALE, STAND 11636 TUMAHOLE EXTENSION 5, PARYS.
65. DEED OF TRANSFER NO. T8516/2009 PASSED BY NGWATHE LOCAL MUNICIPALITY IN FAVOUR OF MALEBOHANG ALFRED SELEPE, IDENTITY NUMBER 730406 5514 08 8, UNMARRIED, IN RESPECT OF ERF 11705 TUMAHOLE EXTENSION 5, DISTRICT PARYS, PROVINCE FREE STATE WHICH HAS BEEN LOST OR DESTROYED. APPLICANT: MA SELEPE, STAND 11705 TUMAHOLE EXTENSION 5, PARYS.
66. DEED OF TRANSFER NO. T8480/2016 PASSED BY NGWATHE LOCAL MUNICIPALITY IN FAVOUR OF MAPHELA MARTHA MOLOI, IDENTITY NUMBER 490519 0389 08 4, UNMARRIED, IN RESPECT OF ERF 11709 TUMAHOLE EXTENSION 5, DISTRICT PARYS, PROVINCE FREE STATE WHICH HAS BEEN LOST OR DESTROYED. APPLICANT: MM MOLOI, STAND 11709 TUMAHOLE EXTENSION 5, PARYS.
67. DEED OF TRANSFER NO. T10401/2009 PASSED BY NGWATHE LOCAL MUNICIPALITY IN FAVOUR OF SEMAPHE MARIA KOOS, IDENTITY NUMBER 480713 0364 08 9, UNMARRIED, IN RESPECT OF ERF 11722 TUMAHOLE EXTENSION 5, DISTRICT PARYS, PROVINCE FREE STATE WHICH HAS BEEN LOST OR DESTROYED. APPLICANT: SM KOOS, STAND 11722 TUMAHOLE EXTENSION 5, PARYS.
68. DEED OF TRANSFER NO. T14260/2008 PASSED BY NGWATHE LOCAL MUNICIPALITY IN FAVOUR OF PAPI MAKHOSANDILE MOTI, IDENTITY NUMBER 741024 5470 08 4, UNMARRIED, IN RESPECT OF ERF 11734 TUMAHOLE EXTENSION 5, DISTRICT PARYS, PROVINCE FREE STATE WHICH HAS BEEN LOST OR DESTROYED. APPLICANT: PM MOTI, STAND 11734 TUMAHOLE EXTENSION 5, PARYS.
69. DEED OF TRANSFER NO. T10747/2008 PASSED BY NGWATHE LOCAL MUNICIPALITY IN FAVOUR OF SEBOLAO CECILIA MOKGOSINANG, IDENTITY NUMBER 681004 0419 08 4, UNMARRIED, IN RESPECT OF ERF 11780 TUMAHOLE EXTENSION 5, DISTRICT PARYS, PROVINCE FREE STATE WHICH HAS BEEN LOST OR DESTROYED. APPLICANT: SC MOKGOSINANG, STAND 11780 TUMAHOLE EXTENSION 5, PARYS.
70. DEED OF TRANSFER NO. T12941/1996 PASSED BY NGWATHE LOCAL MUNICIPALITY IN FAVOUR OF THEPE SAPULA RADEBE, IDENTITY NUMBER 620510 5615 08 1 AND TLALENG EMILY RADEBE, IDENTITY NUMBER 630601 0411 08 5, MARRIED IN COMMUNITY OF PROPERTY TO EACH OTHER, IN RESPECT OF ERF 11839 TUMAHOLE EXTENSION 5, DISTRICT PARYS, PROVINCE
FREE STATE WHICH HAS BEEN LOST OR DESTROYED. APPLICANT: TS & TE RADEBE, STAND 11839 TUMAHOLE EXTENSION 5, PARYS.
ALL INTERESTED PERSONS HAVING OBJECTION TO THE ISSUE OF SUCH COPY ARE HEREBY REQUESTED TO LODGE THE SAME IN WRITING WITH THE REGISTRAR OF DEEDS AT BLOEMFONTEIN WITHIN TWO WEEKS FROM THE DATE OF THE PUBLICATION OF THIS NOTICE.
DATED AT BLOEMFONTEIN THIS 07TH DAY OF SEPTEMBER 2023.
STELLA SMITH
BOBOLLA & CO
21 PRESIDENT REITZ AVENUE
WESTDENE
BLOEMFONTEIN
9301
stella@bobolla.co.za
KENNISGEWINGS • NOTICES
